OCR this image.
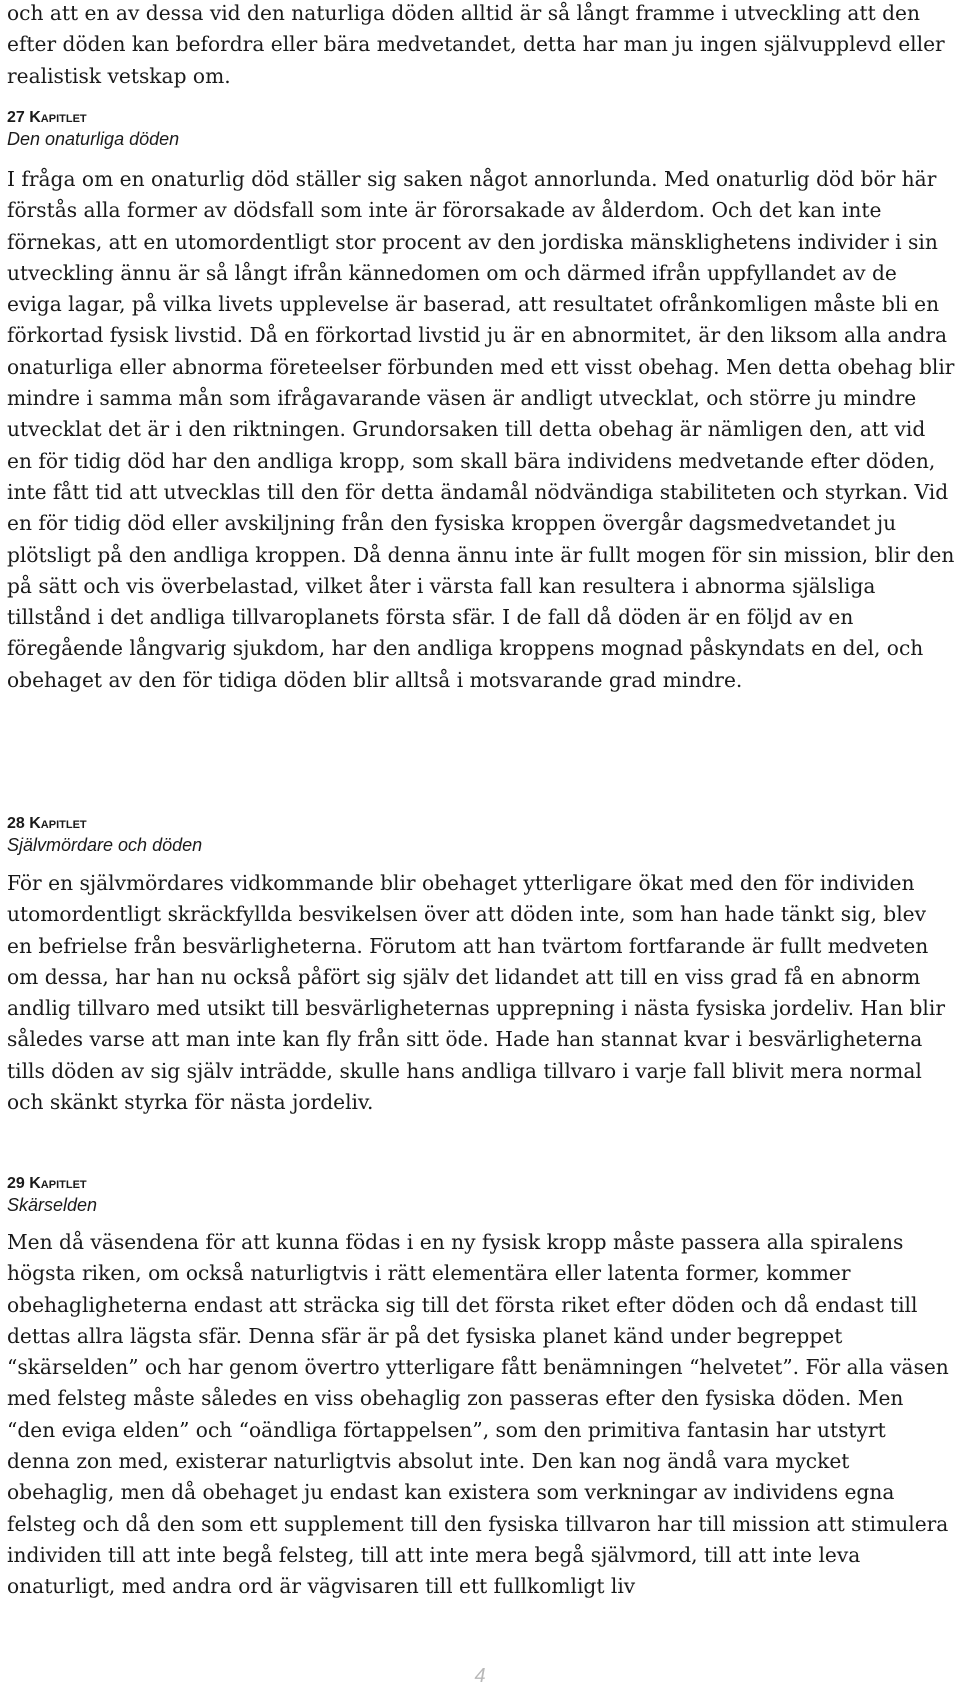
och att en av dessa vid den naturliga döden alltid är så långt framme i utveckling att den efter döden kan befordra eller bära medvetandet, detta har man ju ingen självupplevd eller realistisk vetskap om.

27 Kapitlet
Den onaturliga döden

I fråga om en onaturlig död ställer sig saken något annorlunda. Med onaturlig död bör här förstås alla former av dödsfall som inte är förorsakade av ålderdom. Och det kan inte förnekas, att en utomordentligt stor procent av den jordiska mänsklighetens individer i sin utveckling ännu är så långt ifrån kännedomen om och därmed ifrån uppfyllandet av de eviga lagar, på vilka livets upplevelse är baserad, att resultatet ofrånkomligen måste bli en förkortad fysisk livstid. Då en förkortad livstid ju är en abnormitet, är den liksom alla andra onaturliga eller abnorma företeelser förbunden med ett visst obehag. Men detta obehag blir mindre i samma mån som ifrågavarande väsen är andligt utvecklat, och större ju mindre utvecklat det är i den riktningen. Grundorsaken till detta obehag är nämligen den, att vid en för tidig död har den andliga kropp, som skall bära individens medvetande efter döden, inte fått tid att utvecklas till den för detta ändamål nödvändiga stabiliteten och styrkan. Vid en för tidig död eller avskiljning från den fysiska kroppen övergår dagsmedvetandet ju plötsligt på den andliga kroppen. Då denna ännu inte är fullt mogen för sin mission, blir den på sätt och vis överbelastad, vilket åter i värsta fall kan resultera i abnorma själsliga tillstånd i det andliga tillvaroplanets första sfär. I de fall då döden är en följd av en föregående långvarig sjukdom, har den andliga kroppens mognad påskyndats en del, och obehaget av den för tidiga döden blir alltså i motsvarande grad mindre.

28 Kapitlet
Självmördare och döden

För en självmördares vidkommande blir obehaget ytterligare ökat med den för individen utomordentligt skräckfyllda besvikelsen över att döden inte, som han hade tänkt sig, blev en befrielse från besvärligheterna. Förutom att han tvärtom fortfarande är fullt medveten om dessa, har han nu också påfört sig själv det lidandet att till en viss grad få en abnorm andlig tillvaro med utsikt till besvärligheternas upprepning i nästa fysiska jordeliv. Han blir således varse att man inte kan fly från sitt öde. Hade han stannat kvar i besvärligheterna tills döden av sig själv inträdde, skulle hans andliga tillvaro i varje fall blivit mera normal och skänkt styrka för nästa jordeliv.

29 Kapitlet
Skärselden

Men då väsendena för att kunna födas i en ny fysisk kropp måste passera alla spiralens högsta riken, om också naturligtvis i rätt elementära eller latenta former, kommer obehagligheterna endast att sträcka sig till det första riket efter döden och då endast till dettas allra lägsta sfär. Denna sfär är på det fysiska planet känd under begreppet “skärselden” och har genom övertro ytterligare fått benämningen “helvetet”. För alla väsen med felsteg måste således en viss obehaglig zon passeras efter den fysiska döden. Men “den eviga elden” och “oändliga förtappelsen”, som den primitiva fantasin har utstyrt denna zon med, existerar naturligtvis absolut inte. Den kan nog ändå vara mycket obehaglig, men då obehaget ju endast kan existera som verkningar av individens egna felsteg och då den som ett supplement till den fysiska tillvaron har till mission att stimulera individen till att inte begå felsteg, till att inte mera begå självmord, till att inte leva onaturligt, med andra ord är vägvisaren till ett fullkomligt liv

4
